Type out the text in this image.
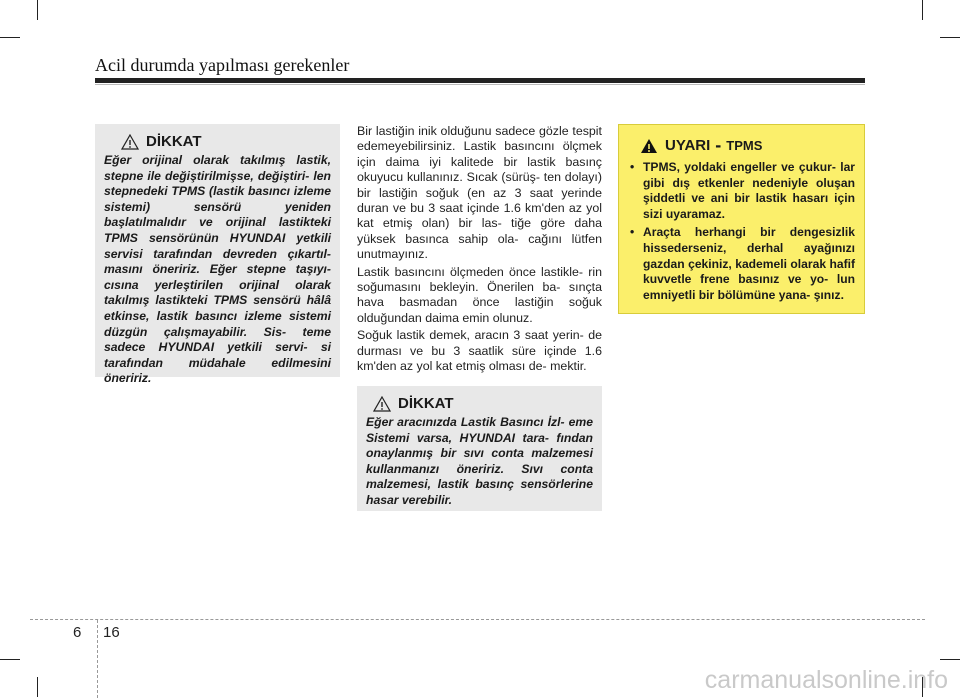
Acil durumda yapılması gerekenler
DİKKAT

Eğer orijinal olarak takılmış lastik, stepne ile değiştirilmişse, değiştiri- len stepnedeki TPMS (lastik basıncı izleme sistemi) sensörü yeniden başlatılmalıdır ve orijinal lastikteki TPMS sensörünün HYUNDAI yetkili servisi tarafından devreden çıkartıl- masını öneririz. Eğer stepne taşıyı- cısına yerleştirilen orijinal olarak takılmış lastikteki TPMS sensörü hâlâ etkinse, lastik basıncı izleme sistemi düzgün çalışmayabilir. Sis- teme sadece HYUNDAI yetkili servi- si tarafından müdahale edilmesini öneririz.

Bir lastiğin inik olduğunu sadece gözle tespit edemeyebilirsiniz. Lastik basıncını ölçmek için daima iyi kalitede bir lastik basınç okuyucu kullanınız. Sıcak (sürüş- ten dolayı) bir lastiğin soğuk (en az 3 saat yerinde duran ve bu 3 saat içinde 1.6 km'den az yol kat etmiş olan) bir las- tiğe göre daha yüksek basınca sahip ola- cağını lütfen unutmayınız.

Lastik basıncını ölçmeden önce lastikle- rin soğumasını bekleyin. Önerilen ba- sınçta hava basmadan önce lastiğin soğuk olduğundan daima emin olunuz.

Soğuk lastik demek, aracın 3 saat yerin- de durması ve bu 3 saatlik süre içinde 1.6 km'den az yol kat etmiş olması de- mektir.

DİKKAT

Eğer aracınızda Lastik Basıncı İzl- eme Sistemi varsa, HYUNDAI tara- fından onaylanmış bir sıvı conta malzemesi kullanmanızı öneririz. Sıvı conta malzemesi, lastik basınç sensörlerine hasar verebilir.

UYARI - TPMS
• TPMS, yoldaki engeller ve çukur- lar gibi dış etkenler nedeniyle oluşan şiddetli ve ani bir lastik hasarı için sizi uyaramaz.
• Araçta herhangi bir dengesizlik hissederseniz, derhal ayağınızı gazdan çekiniz, kademeli olarak hafif kuvvetle frene basınız ve yo- lun emniyetli bir bölümüne yana- şınız.
6 16
carmanualsonline.info
